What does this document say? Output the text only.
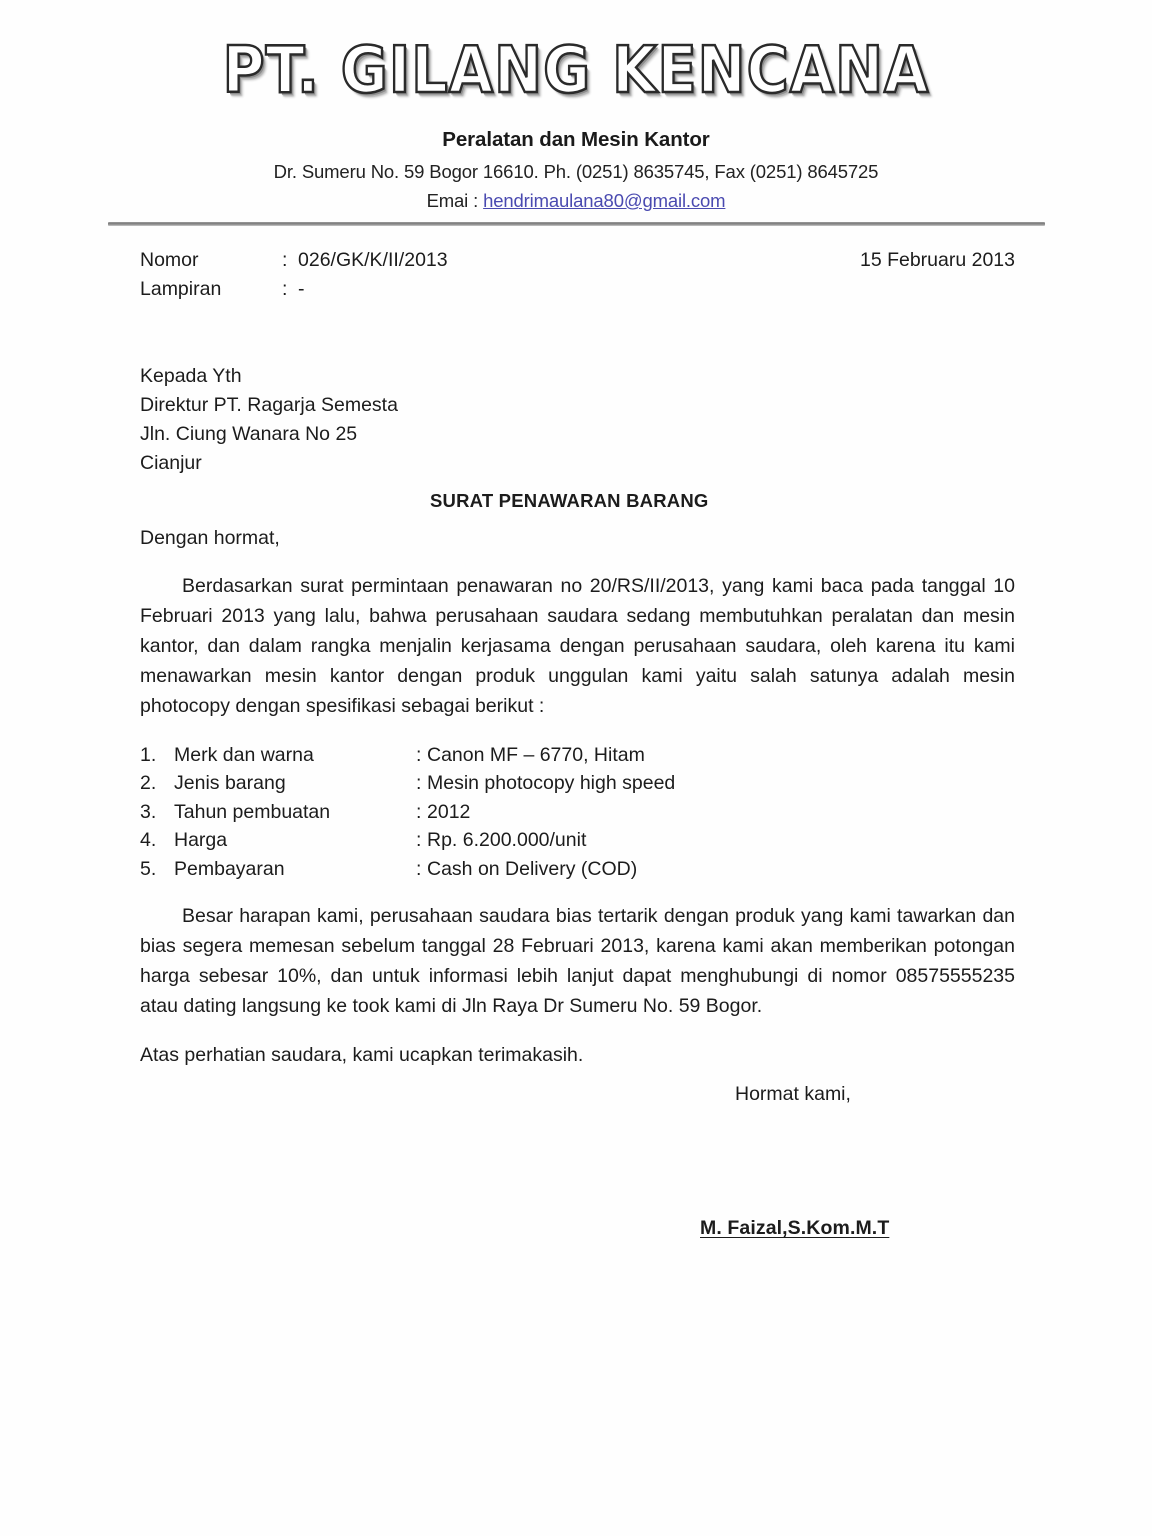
PT. GILANG KENCANA
Peralatan dan Mesin Kantor
Dr. Sumeru No. 59 Bogor 16610. Ph. (0251) 8635745, Fax (0251) 8645725
Emai : hendrimaulana80@gmail.com
Nomor	: 026/GK/K/II/2013
Lampiran	: -
15 Februaru 2013
Kepada Yth
Direktur PT. Ragarja Semesta
Jln. Ciung Wanara No 25
Cianjur
SURAT PENAWARAN BARANG
Dengan hormat,

Berdasarkan surat permintaan penawaran no 20/RS/II/2013, yang kami baca pada tanggal 10 Februari 2013 yang lalu, bahwa perusahaan saudara sedang membutuhkan peralatan dan mesin kantor, dan dalam rangka menjalin kerjasama dengan perusahaan saudara, oleh karena itu kami menawarkan mesin kantor dengan produk unggulan kami yaitu salah satunya adalah mesin photocopy dengan spesifikasi sebagai berikut :

1. Merk dan warna	: Canon MF – 6770, Hitam
2. Jenis barang	: Mesin photocopy high speed
3. Tahun pembuatan	: 2012
4. Harga	: Rp. 6.200.000/unit
5. Pembayaran	: Cash on Delivery (COD)

Besar harapan kami, perusahaan saudara bias tertarik dengan produk yang kami tawarkan dan bias segera memesan sebelum tanggal 28 Februari 2013, karena kami akan memberikan potongan harga sebesar 10%, dan untuk informasi lebih lanjut dapat menghubungi di nomor 08575555235 atau dating langsung ke took kami di Jln Raya Dr Sumeru No. 59 Bogor.

Atas perhatian saudara, kami ucapkan terimakasih.
Hormat kami,
M. Faizal,S.Kom.M.T
